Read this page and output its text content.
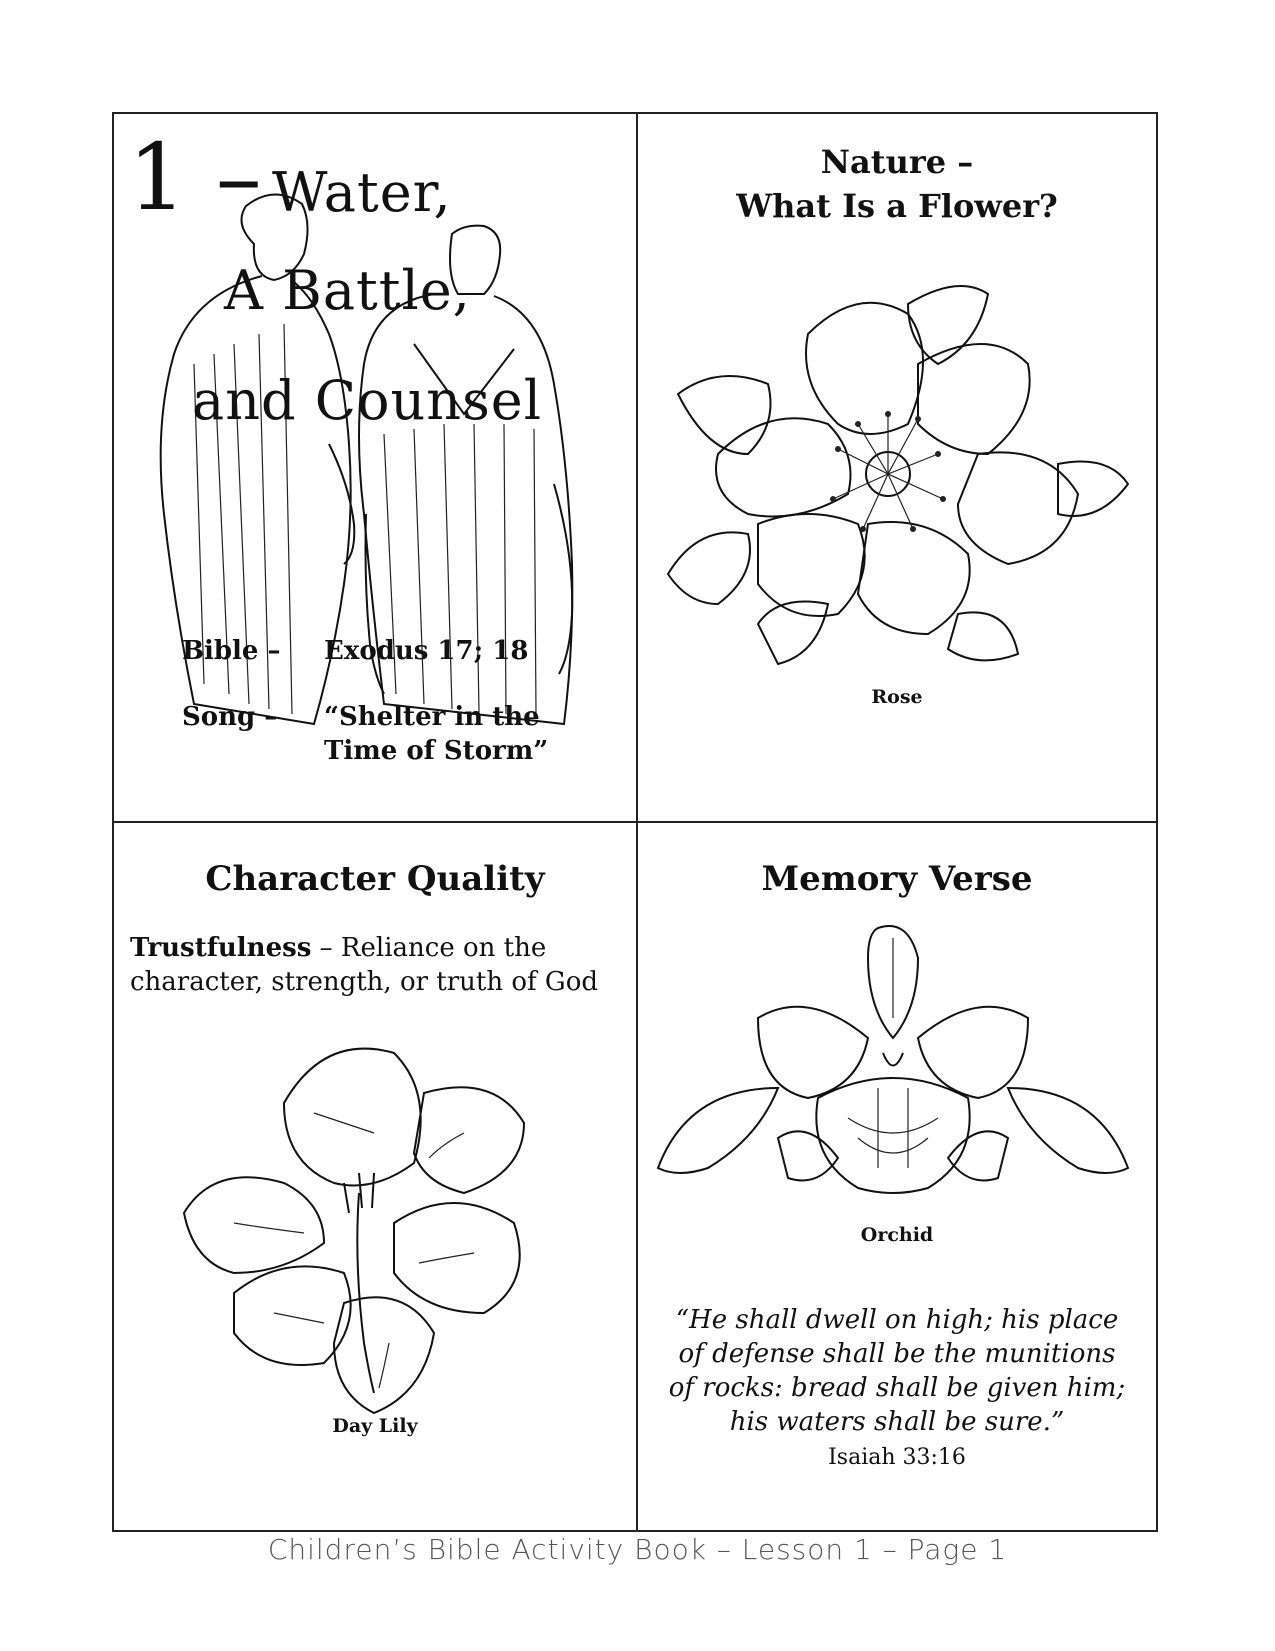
1 – Water,
A Battle,
and Counsel
Bible – Exodus 17; 18
Song – “Shelter in the
Time of Storm”
Nature –
What Is a Flower?
Rose
Character Quality
Trustfulness – Reliance on the character, strength, or truth of God
Day Lily
Memory Verse
Orchid
“He shall dwell on high; his place
of defense shall be the munitions
of rocks: bread shall be given him;
his waters shall be sure.”
Isaiah 33:16
Children’s Bible Activity Book – Lesson 1 – Page 1
